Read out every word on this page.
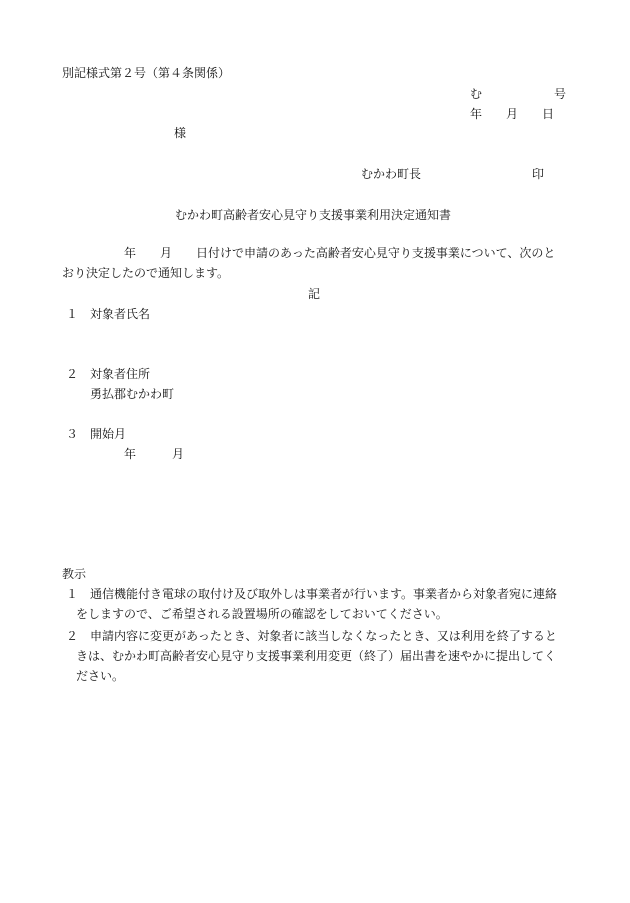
別記様式第２号（第４条関係）
む　　　　　　号
年　　月　　日
様
むかわ町長	印
むかわ町高齢者安心見守り支援事業利用決定通知書
年　　月　　日付けで申請のあった高齢者安心見守り支援事業について、次のと
おり決定したので通知します。
記
１　対象者氏名
２　対象者住所
勇払郡むかわ町
３　開始月
年　　　月
教示
１　通信機能付き電球の取付け及び取外しは事業者が行います。事業者から対象者宛に連絡
をしますので、ご希望される設置場所の確認をしておいてください。
２　申請内容に変更があったとき、対象者に該当しなくなったとき、又は利用を終了すると
きは、むかわ町高齢者安心見守り支援事業利用変更（終了）届出書を速やかに提出してく
ださい。
